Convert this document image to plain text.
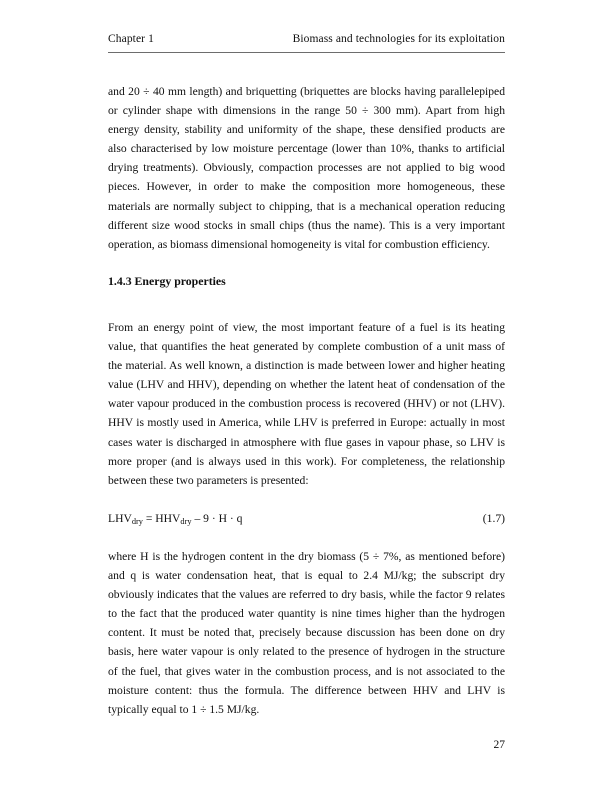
Chapter 1	Biomass and technologies for its exploitation

and 20 ÷ 40 mm length) and briquetting (briquettes are blocks having parallelepiped or cylinder shape with dimensions in the range 50 ÷ 300 mm). Apart from high energy density, stability and uniformity of the shape, these densified products are also characterised by low moisture percentage (lower than 10%, thanks to artificial drying treatments). Obviously, compaction processes are not applied to big wood pieces. However, in order to make the composition more homogeneous, these materials are normally subject to chipping, that is a mechanical operation reducing different size wood stocks in small chips (thus the name). This is a very important operation, as biomass dimensional homogeneity is vital for combustion efficiency.

1.4.3 Energy properties

From an energy point of view, the most important feature of a fuel is its heating value, that quantifies the heat generated by complete combustion of a unit mass of the material. As well known, a distinction is made between lower and higher heating value (LHV and HHV), depending on whether the latent heat of condensation of the water vapour produced in the combustion process is recovered (HHV) or not (LHV). HHV is mostly used in America, while LHV is preferred in Europe: actually in most cases water is discharged in atmosphere with flue gases in vapour phase, so LHV is more proper (and is always used in this work). For completeness, the relationship between these two parameters is presented:

$LHV_{dry} = HHV_{dry} - 9 \cdot H \cdot q$	(1.7)

where H is the hydrogen content in the dry biomass (5 ÷ 7%, as mentioned before) and q is water condensation heat, that is equal to 2.4 MJ/kg; the subscript dry obviously indicates that the values are referred to dry basis, while the factor 9 relates to the fact that the produced water quantity is nine times higher than the hydrogen content. It must be noted that, precisely because discussion has been done on dry basis, here water vapour is only related to the presence of hydrogen in the structure of the fuel, that gives water in the combustion process, and is not associated to the moisture content: thus the formula. The difference between HHV and LHV is typically equal to 1 ÷ 1.5 MJ/kg.

27
